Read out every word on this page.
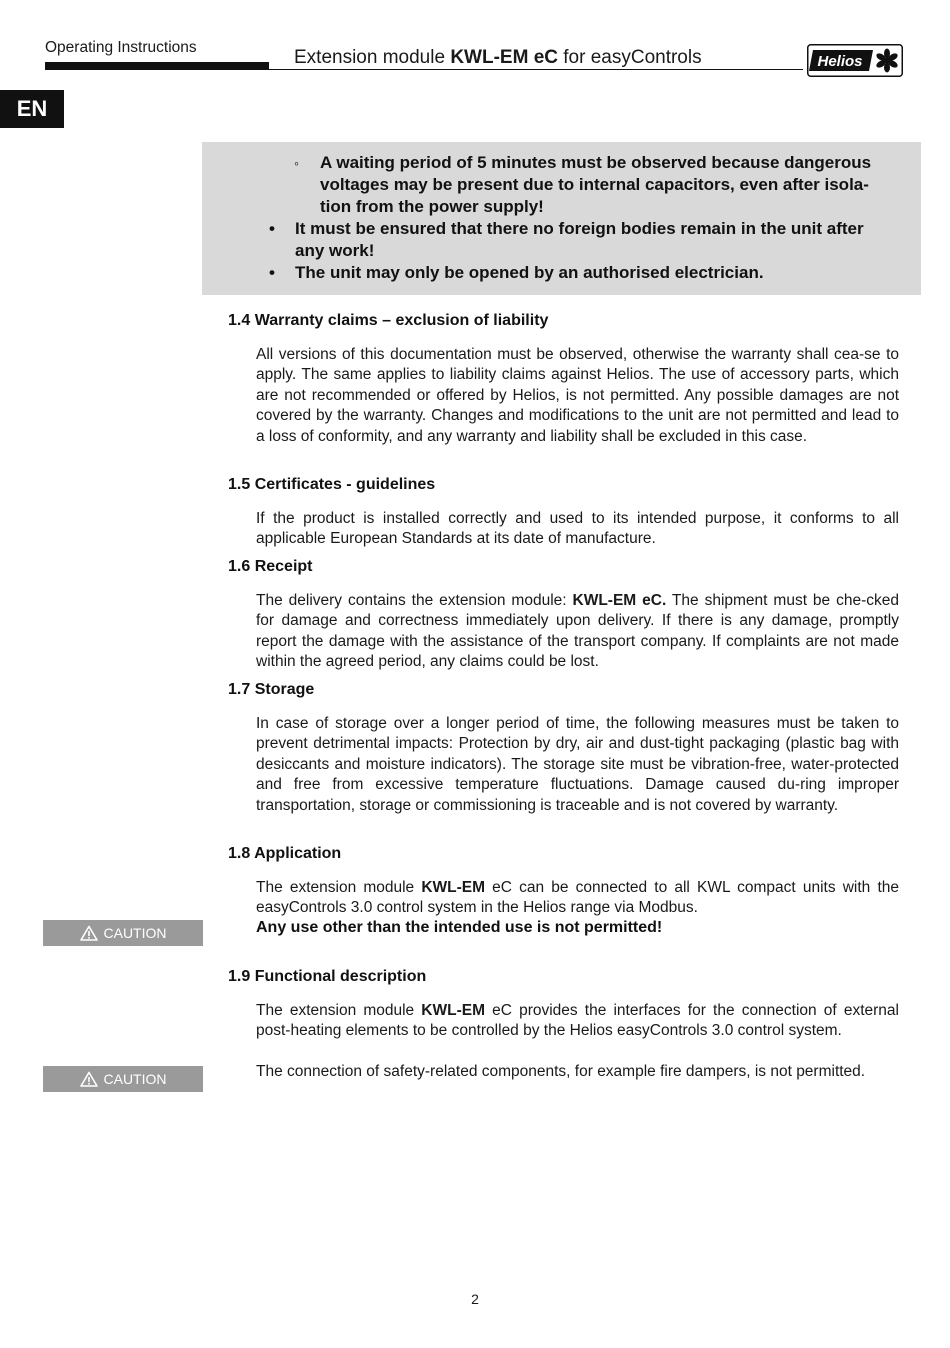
Operating Instructions	Extension module KWL-EM eC for easyControls	Helios
EN
◦ A waiting period of 5 minutes must be observed because dangerous
voltages may be present due to internal capacitors, even after isola-
tion from the power supply!
• It must be ensured that there no foreign bodies remain in the unit after
any work!
• The unit may only be opened by an authorised electrician.
1.4 Warranty claims – exclusion of liability
All versions of this documentation must be observed, otherwise the warranty shall cea-se to apply. The same applies to liability claims against Helios. The use of accessory parts, which are not recommended or offered by Helios, is not permitted. Any possible damages are not covered by the warranty. Changes and modifications to the unit are not permitted and lead to a loss of conformity, and any warranty and liability shall be excluded in this case.
1.5 Certificates - guidelines
If the product is installed correctly and used to its intended purpose, it conforms to all applicable European Standards at its date of manufacture.
1.6 Receipt
The delivery contains the extension module: KWL-EM eC. The shipment must be che-cked for damage and correctness immediately upon delivery. If there is any damage, promptly report the damage with the assistance of the transport company. If complaints are not made within the agreed period, any claims could be lost.
1.7 Storage
In case of storage over a longer period of time, the following measures must be taken to prevent detrimental impacts: Protection by dry, air and dust-tight packaging (plastic bag with desiccants and moisture indicators). The storage site must be vibration-free, water-protected and free from excessive temperature fluctuations. Damage caused du-ring improper transportation, storage or commissioning is traceable and is not covered by warranty.
1.8 Application
The extension module KWL-EM eC can be connected to all KWL compact units with the easyControls 3.0 control system in the Helios range via Modbus.
Any use other than the intended use is not permitted!
CAUTION
1.9 Functional description
The extension module KWL-EM eC provides the interfaces for the connection of external post-heating elements to be controlled by the Helios easyControls 3.0 control system.
The connection of safety-related components, for example fire dampers, is not permitted.
CAUTION
2
